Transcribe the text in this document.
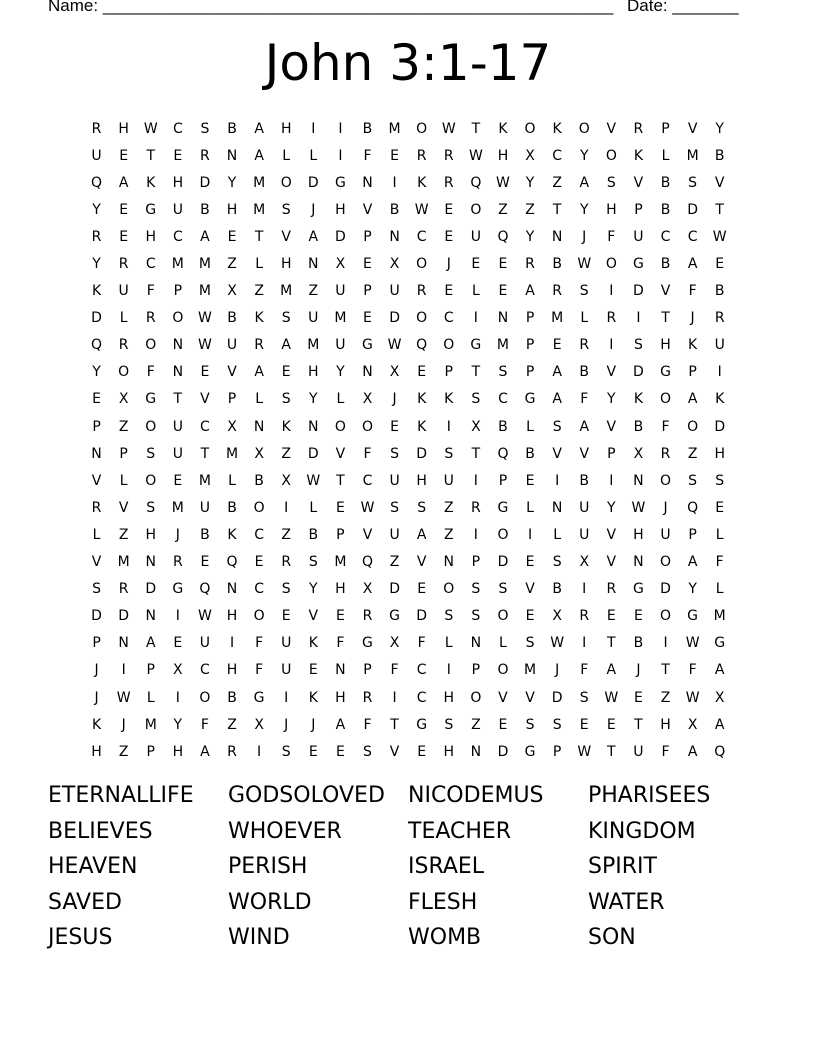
Name: ______________________________________________________ Date: _______
John 3:1-17
R	H	W	C	S	B	A	H	I	I	B	M	O	W	T	K	O	K	O	V	R	P	V	Y
U	E	T	E	R	N	A	L	L	I	F	E	R	R	W	H	X	C	Y	O	K	L	M	B
Q	A	K	H	D	Y	M	O	D	G	N	I	K	R	Q	W	Y	Z	A	S	V	B	S	V
Y	E	G	U	B	H	M	S	J	H	V	B	W	E	O	Z	Z	T	Y	H	P	B	D	T
R	E	H	C	A	E	T	V	A	D	P	N	C	E	U	Q	Y	N	J	F	U	C	C	W
Y	R	C	M	M	Z	L	H	N	X	E	X	O	J	E	E	R	B	W	O	G	B	A	E
K	U	F	P	M	X	Z	M	Z	U	P	U	R	E	L	E	A	R	S	I	D	V	F	B
D	L	R	O	W	B	K	S	U	M	E	D	O	C	I	N	P	M	L	R	I	T	J	R
Q	R	O	N	W	U	R	A	M	U	G	W	Q	O	G	M	P	E	R	I	S	H	K	U
Y	O	F	N	E	V	A	E	H	Y	N	X	E	P	T	S	P	A	B	V	D	G	P	I
E	X	G	T	V	P	L	S	Y	L	X	J	K	K	S	C	G	A	F	Y	K	O	A	K
P	Z	O	U	C	X	N	K	N	O	O	E	K	I	X	B	L	S	A	V	B	F	O	D
N	P	S	U	T	M	X	Z	D	V	F	S	D	S	T	Q	B	V	V	P	X	R	Z	H
V	L	O	E	M	L	B	X	W	T	C	U	H	U	I	P	E	I	B	I	N	O	S	S
R	V	S	M	U	B	O	I	L	E	W	S	S	Z	R	G	L	N	U	Y	W	J	Q	E
L	Z	H	J	B	K	C	Z	B	P	V	U	A	Z	I	O	I	L	U	V	H	U	P	L
V	M	N	R	E	Q	E	R	S	M	Q	Z	V	N	P	D	E	S	X	V	N	O	A	F
S	R	D	G	Q	N	C	S	Y	H	X	D	E	O	S	S	V	B	I	R	G	D	Y	L
D	D	N	I	W	H	O	E	V	E	R	G	D	S	S	O	E	X	R	E	E	O	G	M
P	N	A	E	U	I	F	U	K	F	G	X	F	L	N	L	S	W	I	T	B	I	W	G
J	I	P	X	C	H	F	U	E	N	P	F	C	I	P	O	M	J	F	A	J	T	F	A
J	W	L	I	O	B	G	I	K	H	R	I	C	H	O	V	V	D	S	W	E	Z	W	X
K	J	M	Y	F	Z	X	J	J	A	F	T	G	S	Z	E	S	S	E	E	T	H	X	A
H	Z	P	H	A	R	I	S	E	E	S	V	E	H	N	D	G	P	W	T	U	F	A	Q
ETERNALLIFE	GODSOLOVED	NICODEMUS	PHARISEES
BELIEVES	WHOEVER	TEACHER	KINGDOM
HEAVEN	PERISH	ISRAEL	SPIRIT
SAVED	WORLD	FLESH	WATER
JESUS	WIND	WOMB	SON
